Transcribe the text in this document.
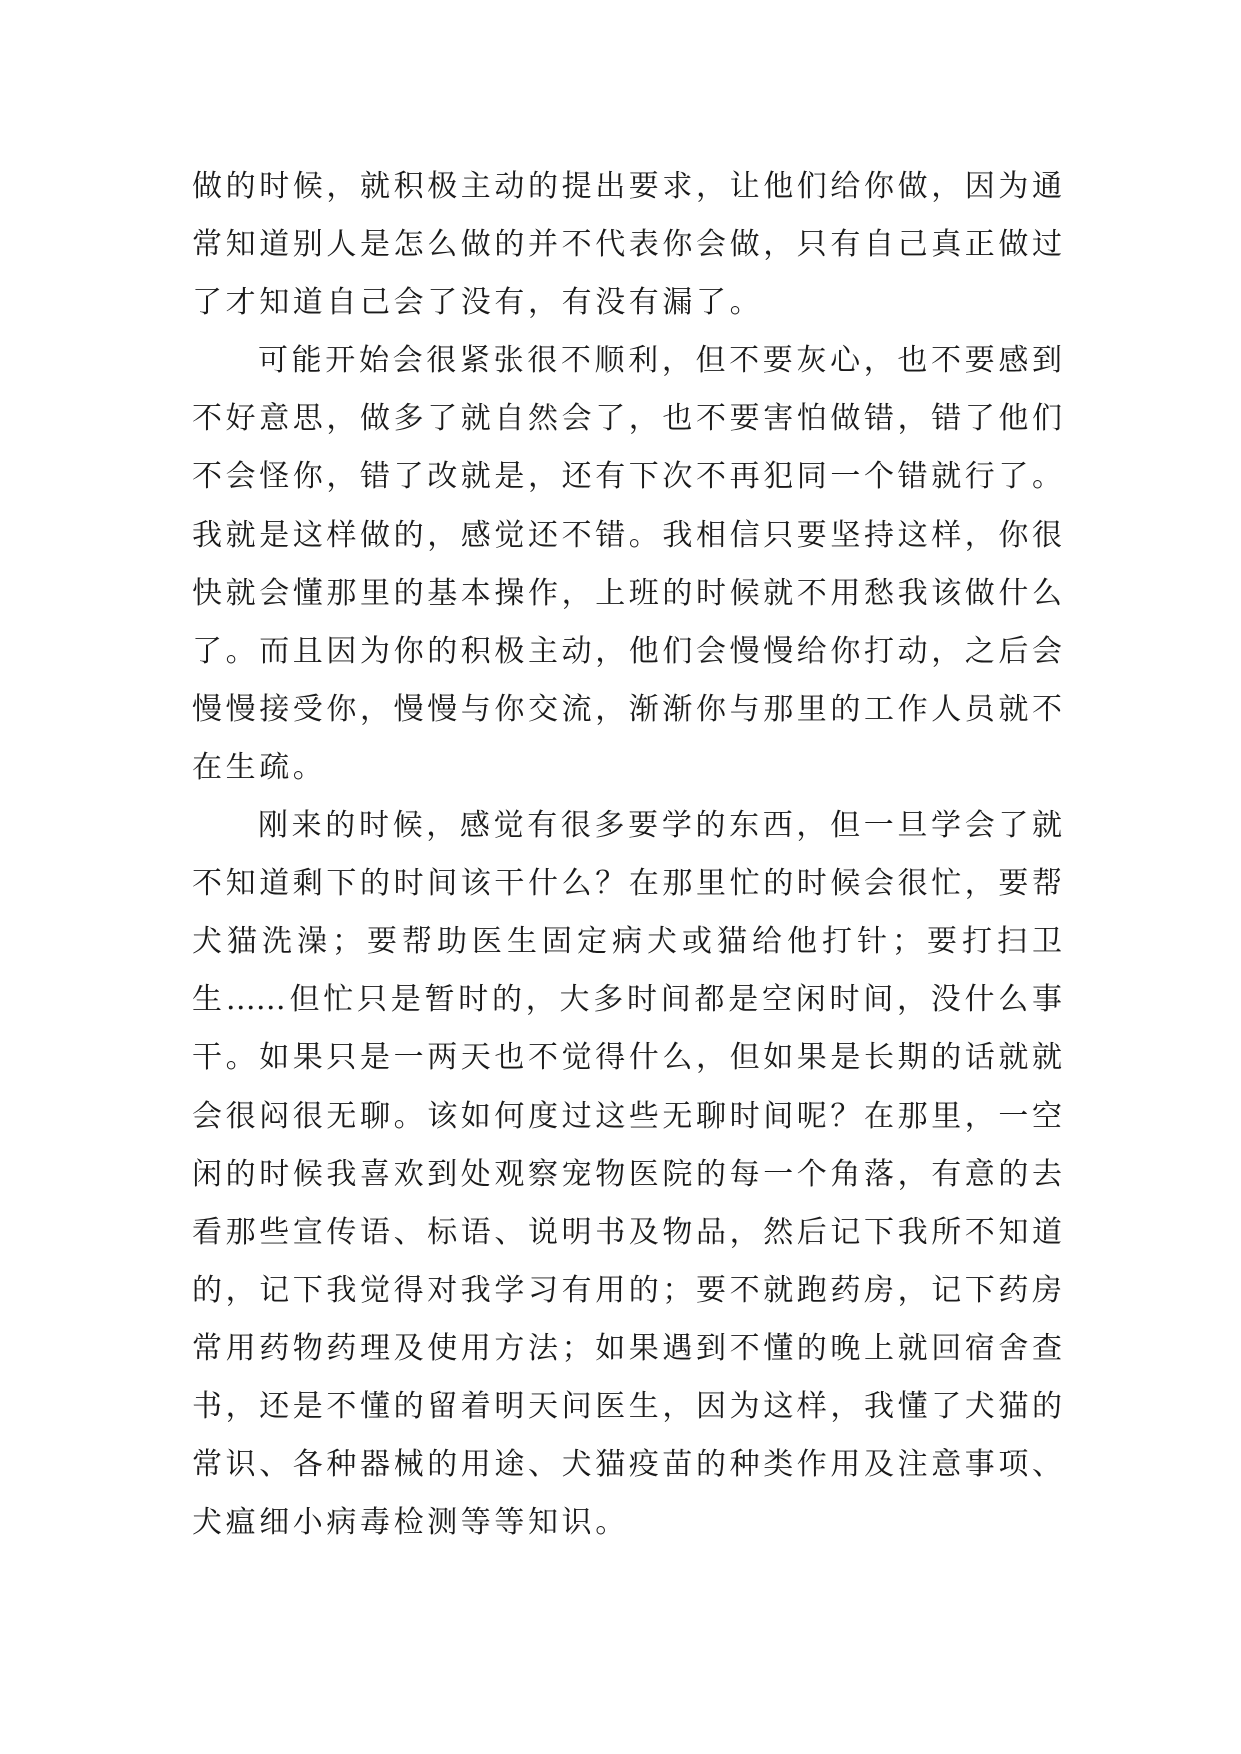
做的时候，就积极主动的提出要求，让他们给你做，因为通
常知道别人是怎么做的并不代表你会做，只有自己真正做过
了才知道自己会了没有，有没有漏了。
可能开始会很紧张很不顺利，但不要灰心，也不要感到
不好意思，做多了就自然会了，也不要害怕做错，错了他们
不会怪你，错了改就是，还有下次不再犯同一个错就行了。
我就是这样做的，感觉还不错。我相信只要坚持这样，你很
快就会懂那里的基本操作，上班的时候就不用愁我该做什么
了。而且因为你的积极主动，他们会慢慢给你打动，之后会
慢慢接受你，慢慢与你交流，渐渐你与那里的工作人员就不
在生疏。
刚来的时候，感觉有很多要学的东西，但一旦学会了就
不知道剩下的时间该干什么？在那里忙的时候会很忙，要帮
犬猫洗澡；要帮助医生固定病犬或猫给他打针；要打扫卫
生……但忙只是暂时的，大多时间都是空闲时间，没什么事
干。如果只是一两天也不觉得什么，但如果是长期的话就就
会很闷很无聊。该如何度过这些无聊时间呢？在那里，一空
闲的时候我喜欢到处观察宠物医院的每一个角落，有意的去
看那些宣传语、标语、说明书及物品，然后记下我所不知道
的，记下我觉得对我学习有用的；要不就跑药房，记下药房
常用药物药理及使用方法；如果遇到不懂的晚上就回宿舍查
书，还是不懂的留着明天问医生，因为这样，我懂了犬猫的
常识、各种器械的用途、犬猫疫苗的种类作用及注意事项、
犬瘟细小病毒检测等等知识。
